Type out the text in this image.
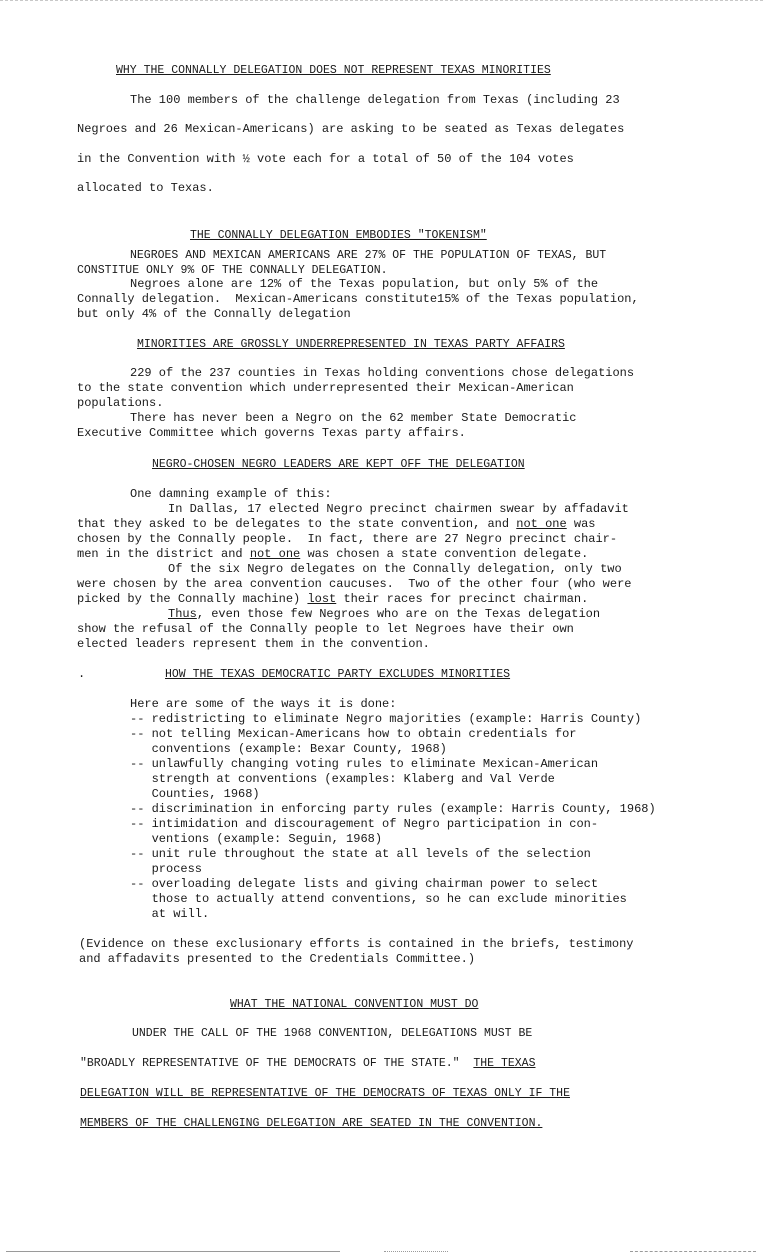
WHY THE CONNALLY DELEGATION DOES NOT REPRESENT TEXAS MINORITIES
The 100 members of the challenge delegation from Texas (including 23
Negroes and 26 Mexican-Americans) are asking to be seated as Texas delegates
in the Convention with ½ vote each for a total of 50 of the 104 votes
allocated to Texas.
THE CONNALLY DELEGATION EMBODIES "TOKENISM"
NEGROES AND MEXICAN AMERICANS ARE 27% OF THE POPULATION OF TEXAS, BUT
CONSTITUE ONLY 9% OF THE CONNALLY DELEGATION.
Negroes alone are 12% of the Texas population, but only 5% of the
Connally delegation.  Mexican-Americans constitute15% of the Texas population,
but only 4% of the Connally delegation
MINORITIES ARE GROSSLY UNDERREPRESENTED IN TEXAS PARTY AFFAIRS
229 of the 237 counties in Texas holding conventions chose delegations
to the state convention which underrepresented their Mexican-American
populations.
There has never been a Negro on the 62 member State Democratic
Executive Committee which governs Texas party affairs.
NEGRO-CHOSEN NEGRO LEADERS ARE KEPT OFF THE DELEGATION
One damning example of this:
In Dallas, 17 elected Negro precinct chairmen swear by affadavit
that they asked to be delegates to the state convention, and not one was
chosen by the Connally people.  In fact, there are 27 Negro precinct chair-
men in the district and not one was chosen a state convention delegate.
Of the six Negro delegates on the Connally delegation, only two
were chosen by the area convention caucuses.  Two of the other four (who were
picked by the Connally machine) lost their races for precinct chairman.
Thus, even those few Negroes who are on the Texas delegation
show the refusal of the Connally people to let Negroes have their own
elected leaders represent them in the convention.
.	HOW THE TEXAS DEMOCRATIC PARTY EXCLUDES MINORITIES
Here are some of the ways it is done:
-- redistricting to eliminate Negro majorities (example: Harris County)
-- not telling Mexican-Americans how to obtain credentials for
conventions (example: Bexar County, 1968)
-- unlawfully changing voting rules to eliminate Mexican-American
strength at conventions (examples: Klaberg and Val Verde
Counties, 1968)
-- discrimination in enforcing party rules (example: Harris County, 1968)
-- intimidation and discouragement of Negro participation in con-
ventions (example: Seguin, 1968)
-- unit rule throughout the state at all levels of the selection
process
-- overloading delegate lists and giving chairman power to select
those to actually attend conventions, so he can exclude minorities
at will.
(Evidence on these exclusionary efforts is contained in the briefs, testimony
and affadavits presented to the Credentials Committee.)
WHAT THE NATIONAL CONVENTION MUST DO
UNDER THE CALL OF THE 1968 CONVENTION, DELEGATIONS MUST BE
"BROADLY REPRESENTATIVE OF THE DEMOCRATS OF THE STATE."  THE TEXAS
DELEGATION WILL BE REPRESENTATIVE OF THE DEMOCRATS OF TEXAS ONLY IF THE
MEMBERS OF THE CHALLENGING DELEGATION ARE SEATED IN THE CONVENTION.
